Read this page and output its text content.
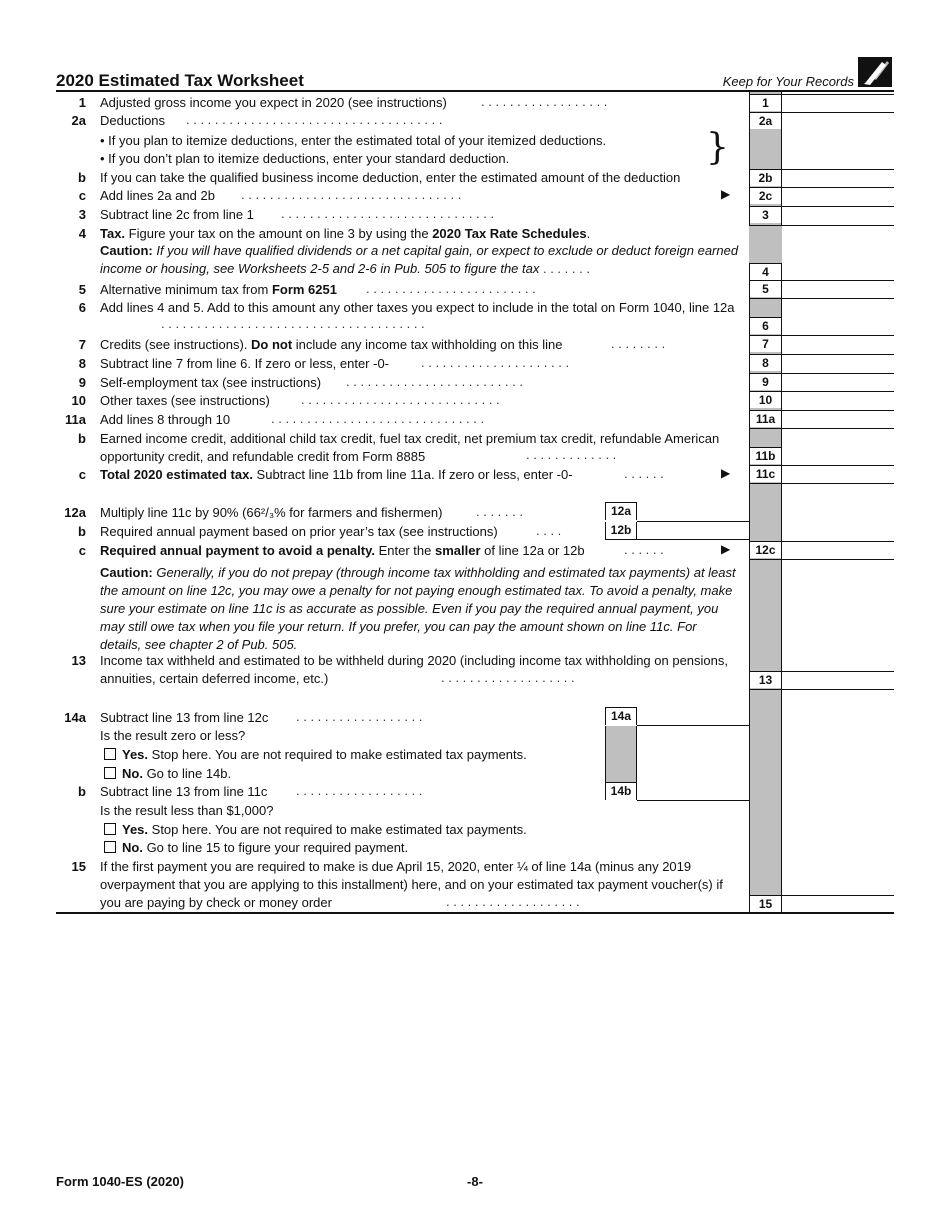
2020 Estimated Tax Worksheet	Keep for Your Records
1 Adjusted gross income you expect in 2020 (see instructions)	. . . . . . . . . . . . . . . . . .	1
2a Deductions	. . . . . . . . . . . . . . . . . . . . . . . . . . . . . . . . . . . .	2a
• If you plan to itemize deductions, enter the estimated total of your itemized deductions.
• If you don’t plan to itemize deductions, enter your standard deduction.	}
b If you can take the qualified business income deduction, enter the estimated amount of the deduction	2b
c Add lines 2a and 2b	. . . . . . . . . . . . . . . . . . . . . . . . . . . . . . .	▶	2c
3 Subtract line 2c from line 1	. . . . . . . . . . . . . . . . . . . . . . . . . . . . . .	3
4 Tax. Figure your tax on the amount on line 3 by using the 2020 Tax Rate Schedules.
Caution: If you will have qualified dividends or a net capital gain, or expect to exclude or deduct foreign earned income or housing, see Worksheets 2-5 and 2-6 in Pub. 505 to figure the tax . . . . . . .	4
5 Alternative minimum tax from Form 6251	. . . . . . . . . . . . . . . . . . . . . . . .	5
6 Add lines 4 and 5. Add to this amount any other taxes you expect to include in the total on Form 1040, line 12a
. . . . . . . . . . . . . . . . . . . . . . . . . . . . . . . . . . . . .	6
7 Credits (see instructions). Do not include any income tax withholding on this line	. . . . . . . .	7
8 Subtract line 7 from line 6. If zero or less, enter -0-	. . . . . . . . . . . . . . . . . . . . .	8
9 Self-employment tax (see instructions)	. . . . . . . . . . . . . . . . . . . . . . . . .	9
10 Other taxes (see instructions)	. . . . . . . . . . . . . . . . . . . . . . . . . . . .	10
11a Add lines 8 through 10	. . . . . . . . . . . . . . . . . . . . . . . . . . . . . .	11a
b Earned income credit, additional child tax credit, fuel tax credit, net premium tax credit, refundable American opportunity credit, and refundable credit from Form 8885	. . . . . . . . . . . . .	11b
c Total 2020 estimated tax. Subtract line 11b from line 11a. If zero or less, enter -0-	. . . . . .	▶	11c
12a Multiply line 11c by 90% (66²/₃% for farmers and fishermen)	. . . . . . .	12a
b Required annual payment based on prior year’s tax (see instructions)	. . . .	12b
c Required annual payment to avoid a penalty. Enter the smaller of line 12a or 12b	. . . . . .	▶	12c
Caution: Generally, if you do not prepay (through income tax withholding and estimated tax payments) at least the amount on line 12c, you may owe a penalty for not paying enough estimated tax. To avoid a penalty, make sure your estimate on line 11c is as accurate as possible. Even if you pay the required annual payment, you may still owe tax when you file your return. If you prefer, you can pay the amount shown on line 11c. For details, see chapter 2 of Pub. 505.
13 Income tax withheld and estimated to be withheld during 2020 (including income tax withholding on pensions, annuities, certain deferred income, etc.)	. . . . . . . . . . . . . . . . . . .	13
14a Subtract line 13 from line 12c	. . . . . . . . . . . . . . . . . .	14a
Is the result zero or less?
Yes. Stop here. You are not required to make estimated tax payments.
No. Go to line 14b.
b Subtract line 13 from line 11c	. . . . . . . . . . . . . . . . . .	14b
Is the result less than $1,000?
Yes. Stop here. You are not required to make estimated tax payments.
No. Go to line 15 to figure your required payment.
15 If the first payment you are required to make is due April 15, 2020, enter ¼ of line 14a (minus any 2019 overpayment that you are applying to this installment) here, and on your estimated tax payment voucher(s) if you are paying by check or money order	. . . . . . . . . . . . . . . . . . .	15
Form 1040-ES (2020)	-8-
